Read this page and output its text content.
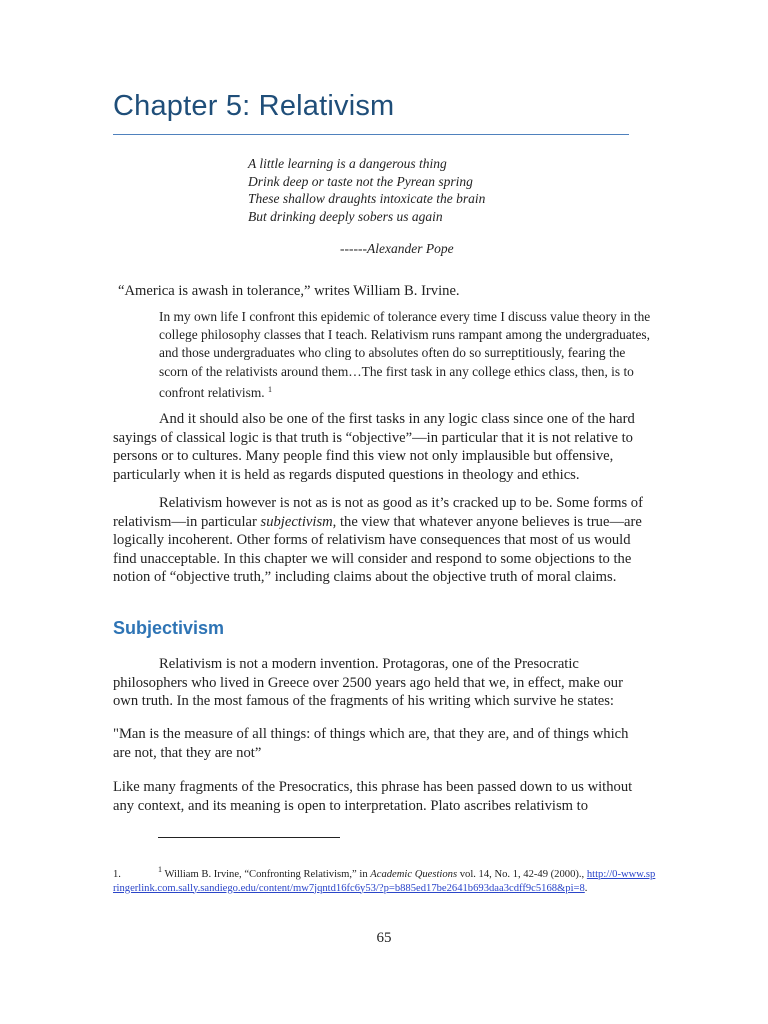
Chapter 5: Relativism
A little learning is a dangerous thing
Drink deep or taste not the Pyrean spring
These shallow draughts intoxicate the brain
But drinking deeply sobers us again
------Alexander Pope

“America is awash in tolerance,” writes William B. Irvine.

In my own life I confront this epidemic of tolerance every time I discuss value theory in the college philosophy classes that I teach. Relativism runs rampant among the undergraduates, and those undergraduates who cling to absolutes often do so surreptitiously, fearing the scorn of the relativists around them…The first task in any college ethics class, then, is to confront relativism. $^1$

And it should also be one of the first tasks in any logic class since one of the hard sayings of classical logic is that truth is “objective”—in particular that it is not relative to persons or to cultures. Many people find this view not only implausible but offensive, particularly when it is held as regards disputed questions in theology and ethics.

Relativism however is not as is not as good as it’s cracked up to be. Some forms of relativism—in particular subjectivism, the view that whatever anyone believes is true—are logically incoherent. Other forms of relativism have consequences that most of us would find unacceptable. In this chapter we will consider and respond to some objections to the notion of “objective truth,” including claims about the objective truth of moral claims.

Subjectivism

Relativism is not a modern invention. Protagoras, one of the Presocratic philosophers who lived in Greece over 2500 years ago held that we, in effect, make our own truth. In the most famous of the fragments of his writing which survive he states:

"Man is the measure of all things: of things which are, that they are, and of things which are not, that they are not”

Like many fragments of the Presocratics, this phrase has been passed down to us without any context, and its meaning is open to interpretation. Plato ascribes relativism to

1.	$^1$ William B. Irvine, “Confronting Relativism,” in Academic Questions vol. 14, No. 1, 42-49 (2000)., http://0-www.springerlink.com.sally.sandiego.edu/content/mw7jqntd16fc6y53/?p=b885ed17be2641b693daa3cdff9c5168&pi=8.

65
